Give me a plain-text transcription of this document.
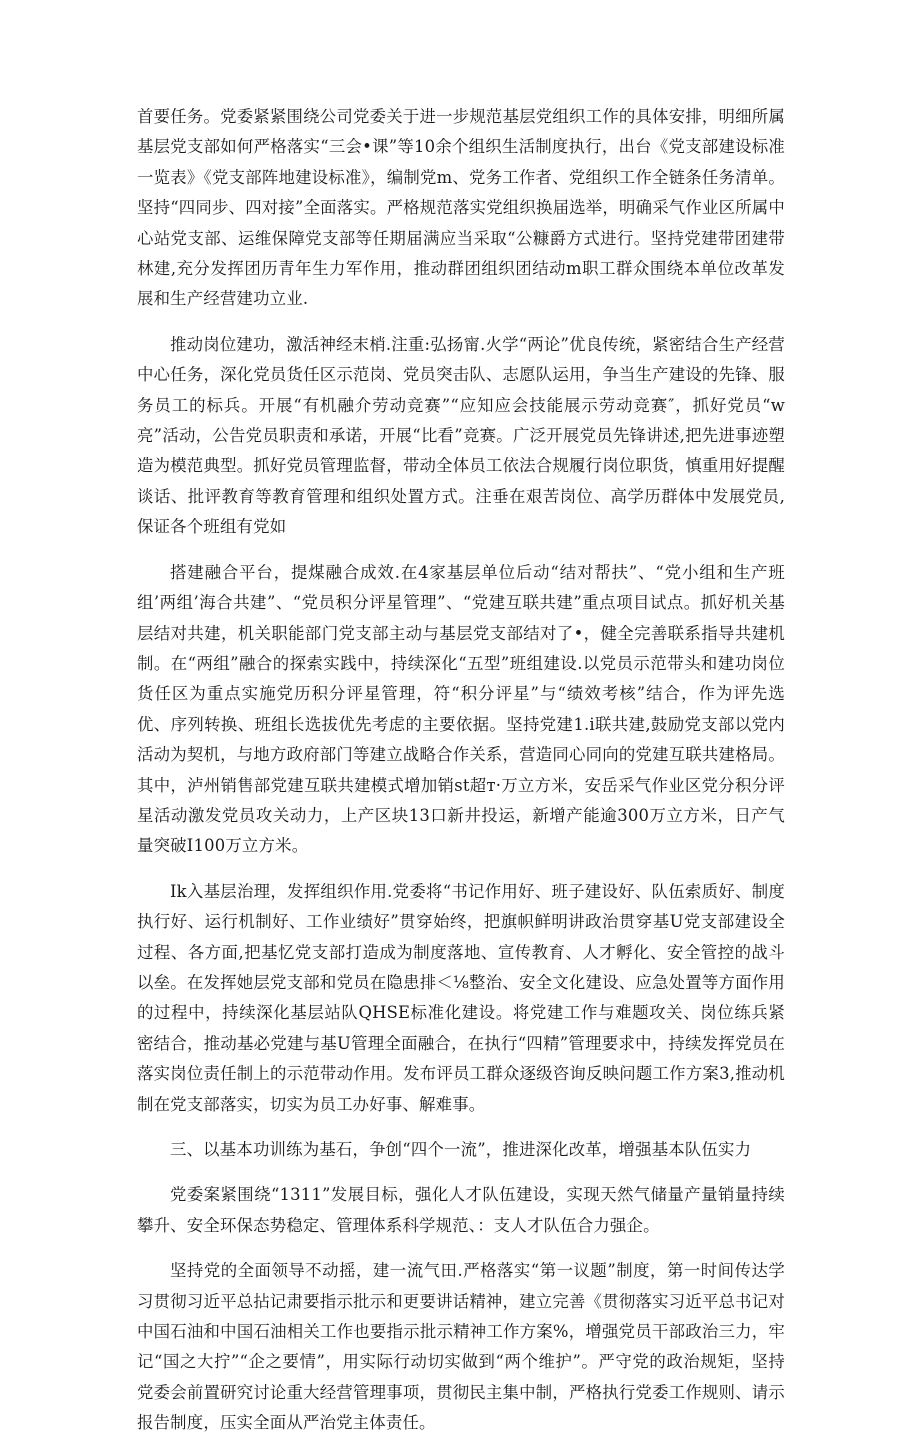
首要任务。党委紧紧围绕公司党委关于进一步规范基层党组织工作的具体安排，明细所属基层党支部如何严格落实“三会•课”等10余个组织生活制度执行，出台《党支部建设标准一览表》《党支部阵地建设标准》，编制党m、党务工作者、党组织工作全链条任务清单。坚持“四同步、四对接”全面落实。严格规范落实党组织换届选举，明确采气作业区所属中心站党支部、运维保障党支部等任期届满应当采取“公糠爵方式进行。坚持党建带团建带林建,充分发挥团历青年生力军作用，推动群团组织团结动m职工群众围绕本单位改革发展和生产经营建功立业.

推动岗位建功，激活神经末梢.注重:弘扬甯.火学“两论”优良传统，紧密结合生产经营中心任务，深化党员货任区示范岗、党员突击队、志愿队运用，争当生产建设的先锋、服务员工的标兵。开展“有机融介劳动竞赛”“应知应会技能展示劳动竞赛″，抓好党员“w亮”活动，公告党员职责和承诺，开展“比看”竞赛。广泛开展党员先锋讲述,把先进事迹塑造为模范典型。抓好党员管理监督，带动全体员工依法合规履行岗位职货，慎重用好提醒谈话、批评教育等教育管理和组织处置方式。注垂在艰苦岗位、高学历群体中发展党员,保证各个班组有党如

搭建融合平台，提煤融合成效.在4家基层单位后动“结对帮扶”、“党小组和生产班组’两组’海合共建”、“党员积分评星管理”、“党建互联共建”重点项目试点。抓好机关基层结对共建，机关职能部门党支部主动与基层党支部结对了•，健全完善联系指导共建机制。在“两组”融合的探索实践中，持续深化“五型”班组建设.以党员示范带头和建功岗位货任区为重点实施党历积分评星管理，符“积分评星”与“绩效考核”结合，作为评先选优、序列转换、班组长选拔优先考虑的主要依据。坚持党建1.i联共建,鼓励党支部以党内活动为契机，与地方政府部门等建立战略合作关系，营造同心同向的党建互联共建格局。其中，泸州销售部党建互联共建模式增加销st超т·万立方米，安岳采气作业区党分积分评星活动激发党员攻关动力，上产区块13口新井投运，新增产能逾300万立方米，日产气量突破I100万立方米。

Ik入基层治理，发挥组织作用.党委将“书记作用好、班子建设好、队伍索质好、制度执行好、运行机制好、工作业绩好”贯穿始终，把旗帜鲜明讲政治贯穿基U党支部建设全过程、各方面,把基忆党支部打造成为制度落地、宣传教育、人才孵化、安全管控的战斗以垒。在发挥她层党支部和党员在隐患排＜⅛整治、安全文化建设、应急处置等方面作用的过程中，持续深化基层站队QHSE标准化建设。将党建工作与难题攻关、岗位练兵紧密结合，推动基必党建与基U管理全面融合，在执行“四精”管理要求中，持续发挥党员在落实岗位责任制上的示范带动作用。发布评员工群众逐级咨询反映问题工作方案3,推动机制在党支部落实，切实为员工办好事、解难事。

三、以基本功训练为基石，争创“四个一流”，推进深化改革，增强基本队伍实力

党委案紧围绕“1311”发展目标，强化人才队伍建设，实现天然气储量产量销量持续攀升、安全环保态势稳定、管理体系科学规范、：支人才队伍合力强企。

坚持党的全面领导不动摇，建一流气田.严格落实“第一议题”制度，第一时间传达学习贯彻习近平总拈记肃要指示批示和更要讲话精神，建立完善《贯彻落实习近平总书记对中国石油和中国石油相关工作也要指示批示精神工作方案%，增强党员干部政治三力，牢记“国之大拧”“企之要情”，用实际行动切实做到“两个维护”。严守党的政治规矩，坚持党委会前置研究讨论重大经营管理事项，贯彻民主集中制，严格执行党委工作规则、请示报告制度，压实全面从严治党主体责任。
